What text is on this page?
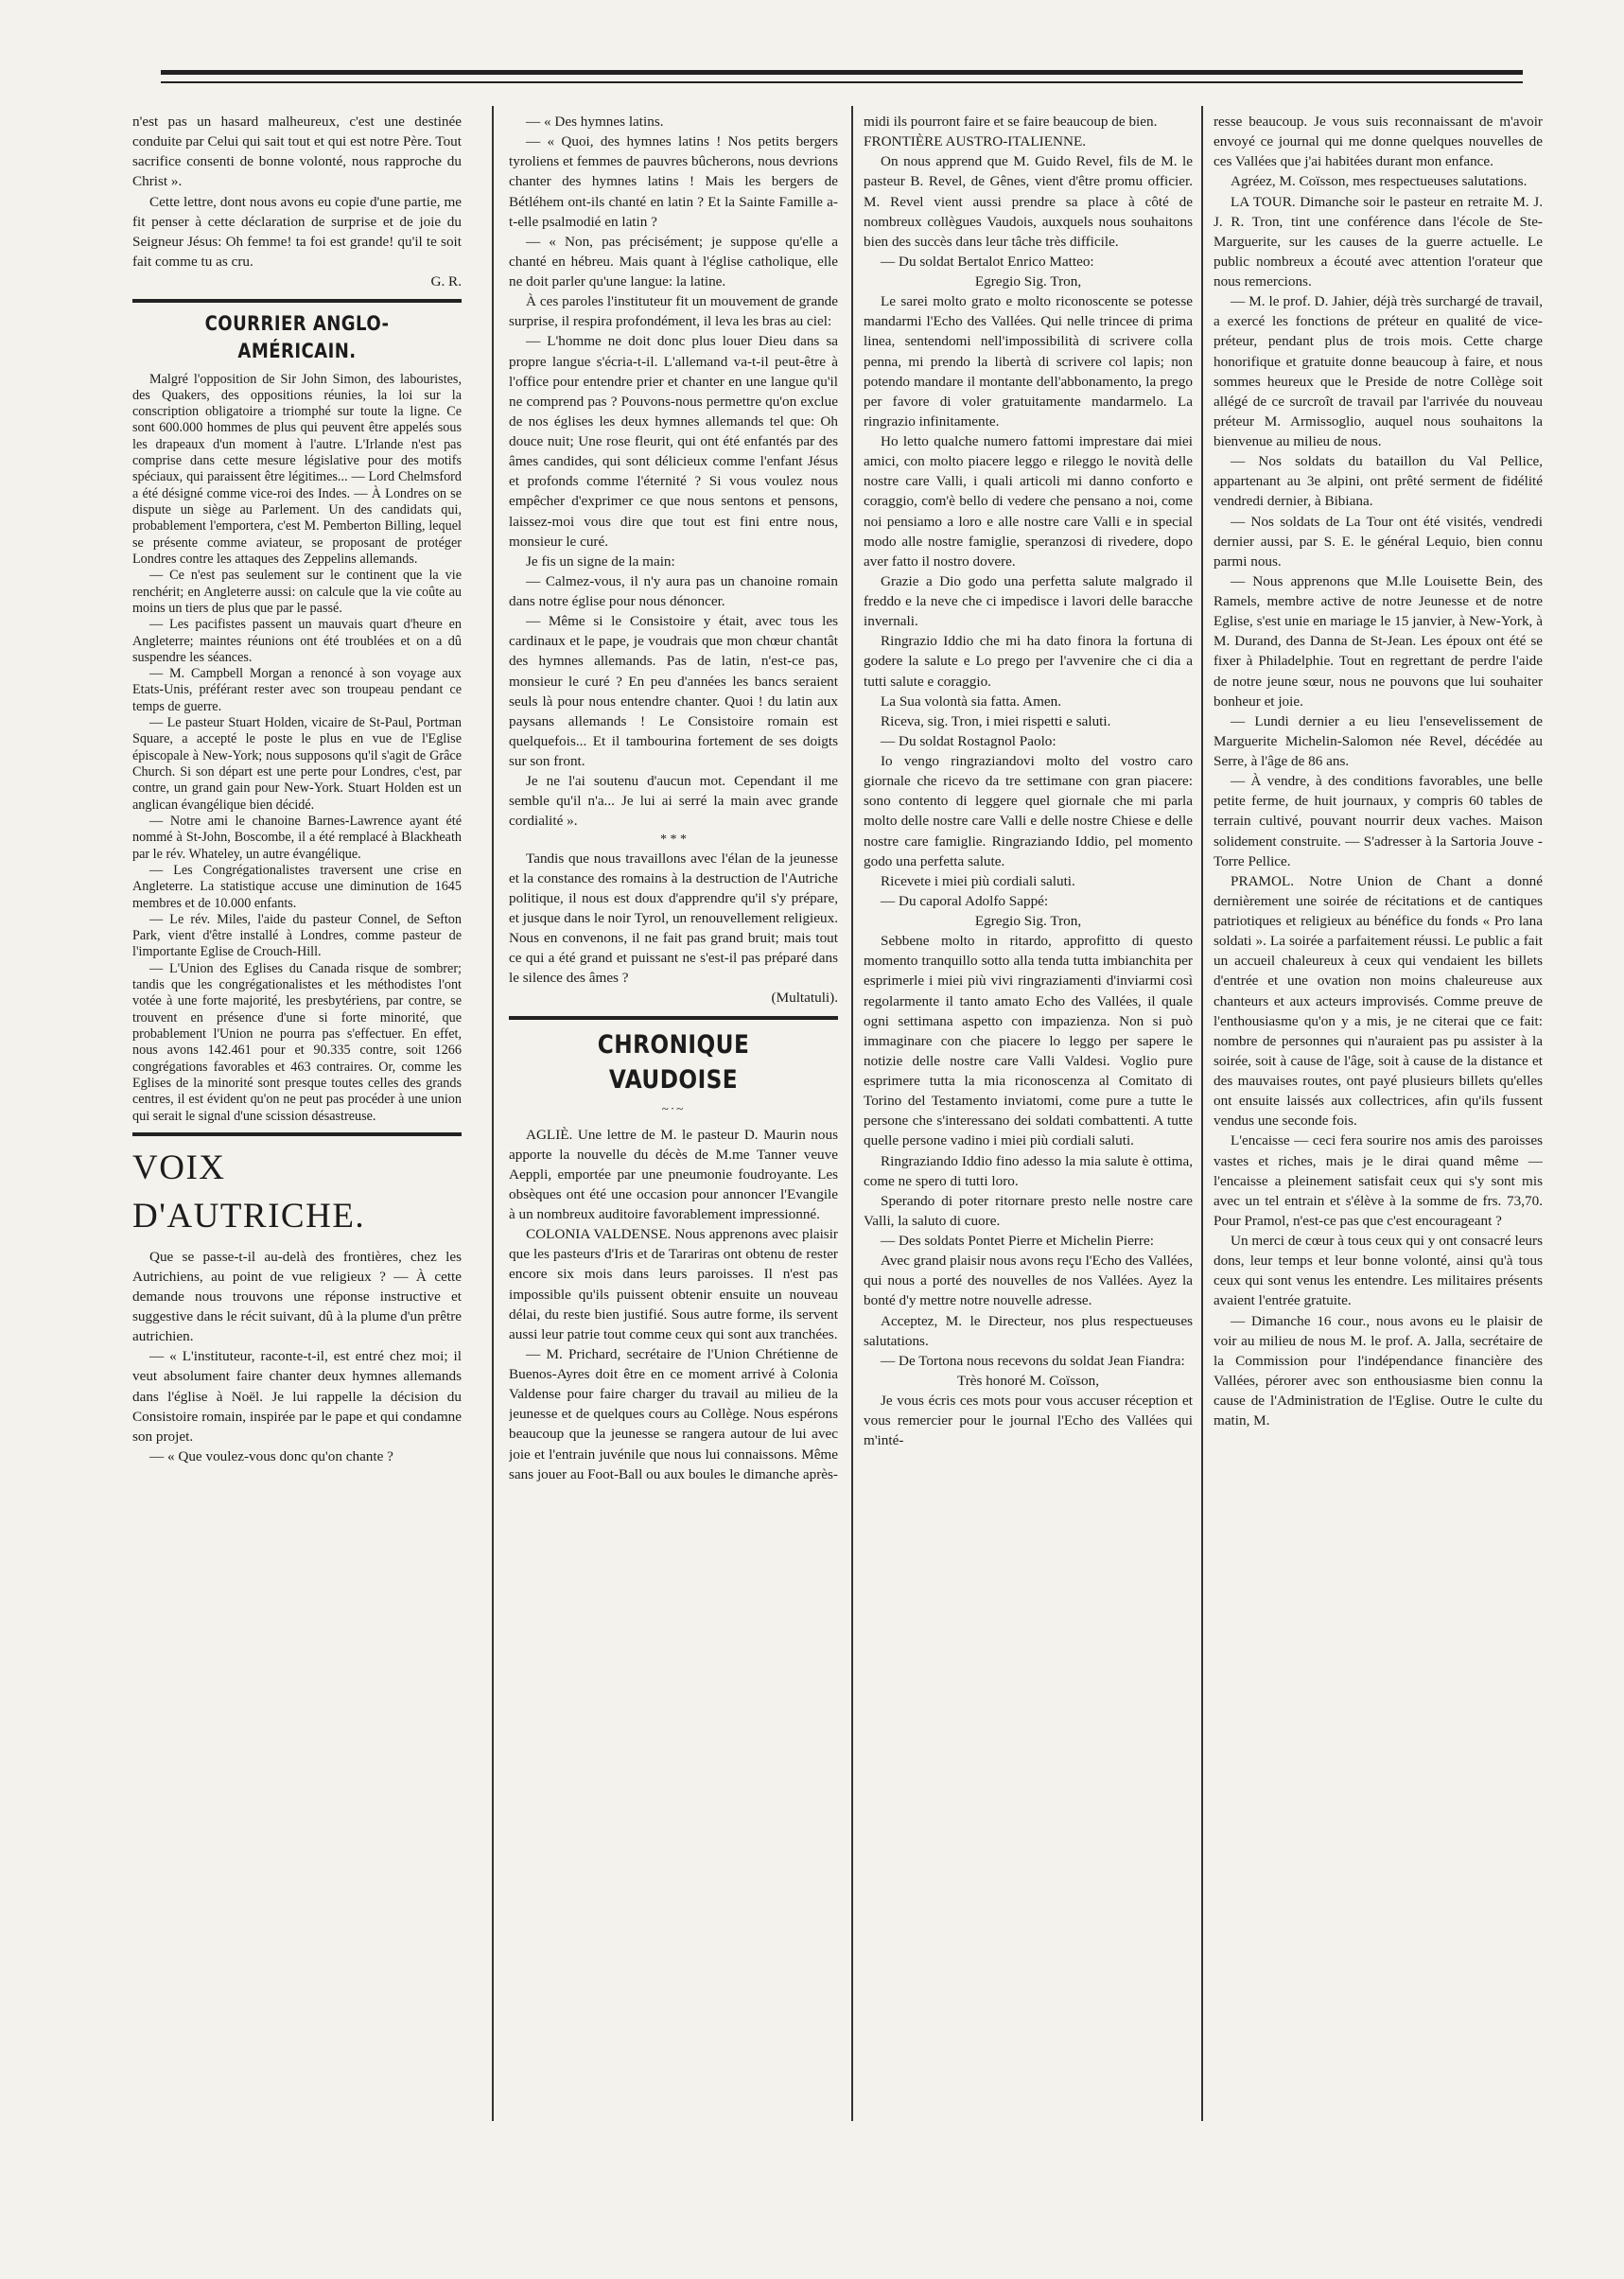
n'est pas un hasard malheureux, c'est une destinée conduite par Celui qui sait tout et qui est notre Père. Tout sacrifice consenti de bonne volonté, nous rapproche du Christ ».

Cette lettre, dont nous avons eu copie d'une partie, me fit penser à cette déclaration de surprise et de joie du Seigneur Jésus: Oh femme! ta foi est grande! qu'il te soit fait comme tu as cru.

G. R.

COURRIER ANGLO-AMÉRICAIN.

Malgré l'opposition de Sir John Simon, des labouristes, des Quakers, des oppositions réunies, la loi sur la conscription obligatoire a triomphé sur toute la ligne. Ce sont 600.000 hommes de plus qui peuvent être appelés sous les drapeaux d'un moment à l'autre. L'Irlande n'est pas comprise dans cette mesure législative pour des motifs spéciaux, qui paraissent être légitimes... — Lord Chelmsford a été désigné comme vice-roi des Indes. — À Londres on se dispute un siège au Parlement. Un des candidats qui, probablement l'emportera, c'est M. Pemberton Billing, lequel se présente comme aviateur, se proposant de protéger Londres contre les attaques des Zeppelins allemands.

— Ce n'est pas seulement sur le continent que la vie renchérit; en Angleterre aussi: on calcule que la vie coûte au moins un tiers de plus que par le passé.

— Les pacifistes passent un mauvais quart d'heure en Angleterre; maintes réunions ont été troublées et on a dû suspendre les séances.

— M. Campbell Morgan a renoncé à son voyage aux Etats-Unis, préférant rester avec son troupeau pendant ce temps de guerre.

— Le pasteur Stuart Holden, vicaire de St-Paul, Portman Square, a accepté le poste le plus en vue de l'Eglise épiscopale à New-York; nous supposons qu'il s'agit de Grâce Church. Si son départ est une perte pour Londres, c'est, par contre, un grand gain pour New-York. Stuart Holden est un anglican évangélique bien décidé.

— Notre ami le chanoine Barnes-Lawrence ayant été nommé à St-John, Boscombe, il a été remplacé à Blackheath par le rév. Whateley, un autre évangélique.

— Les Congrégationalistes traversent une crise en Angleterre. La statistique accuse une diminution de 1645 membres et de 10.000 enfants.

— Le rév. Miles, l'aide du pasteur Connel, de Sefton Park, vient d'être installé à Londres, comme pasteur de l'importante Eglise de Crouch-Hill.

— L'Union des Eglises du Canada risque de sombrer; tandis que les congrégationalistes et les méthodistes l'ont votée à une forte majorité, les presbytériens, par contre, se trouvent en présence d'une si forte minorité, que probablement l'Union ne pourra pas s'effectuer. En effet, nous avons 142.461 pour et 90.335 contre, soit 1266 congrégations favorables et 463 contraires. Or, comme les Eglises de la minorité sont presque toutes celles des grands centres, il est évident qu'on ne peut pas procéder à une union qui serait le signal d'une scission désastreuse.

VOIX D'AUTRICHE.

Que se passe-t-il au-delà des frontières, chez les Autrichiens, au point de vue religieux ? — À cette demande nous trouvons une réponse instructive et suggestive dans le récit suivant, dû à la plume d'un prêtre autrichien.

— « L'instituteur, raconte-t-il, est entré chez moi; il veut absolument faire chanter deux hymnes allemands dans l'église à Noël. Je lui rappelle la décision du Consistoire romain, inspirée par le pape et qui condamne son projet.

— « Que voulez-vous donc qu'on chante ?

— « Des hymnes latins.

— « Quoi, des hymnes latins ! Nos petits bergers tyroliens et femmes de pauvres bûcherons, nous devrions chanter des hymnes latins ! Mais les bergers de Bétléhem ont-ils chanté en latin ? Et la Sainte Famille a-t-elle psalmodié en latin ?

— « Non, pas précisément; je suppose qu'elle a chanté en hébreu. Mais quant à l'église catholique, elle ne doit parler qu'une langue: la latine.

À ces paroles l'instituteur fit un mouvement de grande surprise, il respira profondément, il leva les bras au ciel:

— L'homme ne doit donc plus louer Dieu dans sa propre langue s'écria-t-il. L'allemand va-t-il peut-être à l'office pour entendre prier et chanter en une langue qu'il ne comprend pas ? Pouvons-nous permettre qu'on exclue de nos églises les deux hymnes allemands tel que: Oh douce nuit; Une rose fleurit, qui ont été enfantés par des âmes candides, qui sont délicieux comme l'enfant Jésus et profonds comme l'éternité ? Si vous voulez nous empêcher d'exprimer ce que nous sentons et pensons, laissez-moi vous dire que tout est fini entre nous, monsieur le curé.

Je fis un signe de la main:

— Calmez-vous, il n'y aura pas un chanoine romain dans notre église pour nous dénoncer.

— Même si le Consistoire y était, avec tous les cardinaux et le pape, je voudrais que mon chœur chantât des hymnes allemands. Pas de latin, n'est-ce pas, monsieur le curé ? En peu d'années les bancs seraient seuls là pour nous entendre chanter. Quoi ! du latin aux paysans allemands ! Le Consistoire romain est quelquefois... Et il tambourina fortement de ses doigts sur son front.

Je ne l'ai soutenu d'aucun mot. Cependant il me semble qu'il n'a... Je lui ai serré la main avec grande cordialité ».

* * *

Tandis que nous travaillons avec l'élan de la jeunesse et la constance des romains à la destruction de l'Autriche politique, il nous est doux d'apprendre qu'il s'y prépare, et jusque dans le noir Tyrol, un renouvellement religieux. Nous en convenons, il ne fait pas grand bruit; mais tout ce qui a été grand et puissant ne s'est-il pas préparé dans le silence des âmes ?

(Multatuli).

CHRONIQUE VAUDOISE
~·~

AGLIÈ. Une lettre de M. le pasteur D. Maurin nous apporte la nouvelle du décès de M.me Tanner veuve Aeppli, emportée par une pneumonie foudroyante. Les obsèques ont été une occasion pour annoncer l'Evangile à un nombreux auditoire favorablement impressionné.

COLONIA VALDENSE. Nous apprenons avec plaisir que les pasteurs d'Iris et de Tarariras ont obtenu de rester encore six mois dans leurs paroisses. Il n'est pas impossible qu'ils puissent obtenir ensuite un nouveau délai, du reste bien justifié. Sous autre forme, ils servent aussi leur patrie tout comme ceux qui sont aux tranchées.

— M. Prichard, secrétaire de l'Union Chrétienne de Buenos-Ayres doit être en ce moment arrivé à Colonia Valdense pour faire charger du travail au milieu de la jeunesse et de quelques cours au Collège. Nous espérons beaucoup que la jeunesse se rangera autour de lui avec joie et l'entrain juvénile que nous lui connaissons. Même sans jouer au Foot-Ball ou aux boules le dimanche après-

midi ils pourront faire et se faire beaucoup de bien.

FRONTIÈRE AUSTRO-ITALIENNE.

On nous apprend que M. Guido Revel, fils de M. le pasteur B. Revel, de Gênes, vient d'être promu officier. M. Revel vient aussi prendre sa place à côté de nombreux collègues Vaudois, auxquels nous souhaitons bien des succès dans leur tâche très difficile.

— Du soldat Bertalot Enrico Matteo:

Egregio Sig. Tron,

Le sarei molto grato e molto riconoscente se potesse mandarmi l'Echo des Vallées. Qui nelle trincee di prima linea, sentendomi nell'impossibilità di scrivere colla penna, mi prendo la libertà di scrivere col lapis; non potendo mandare il montante dell'abbonamento, la prego per favore di voler gratuitamente mandarmelo. La ringrazio infinitamente.

Ho letto qualche numero fattomi imprestare dai miei amici, con molto piacere leggo e rileggo le novità delle nostre care Valli, i quali articoli mi danno conforto e coraggio, com'è bello di vedere che pensano a noi, come noi pensiamo a loro e alle nostre care Valli e in special modo alle nostre famiglie, speranzosi di rivedere, dopo aver fatto il nostro dovere.

Grazie a Dio godo una perfetta salute malgrado il freddo e la neve che ci impedisce i lavori delle baracche invernali.

Ringrazio Iddio che mi ha dato finora la fortuna di godere la salute e Lo prego per l'avvenire che ci dia a tutti salute e coraggio.

La Sua volontà sia fatta. Amen.

Riceva, sig. Tron, i miei rispetti e saluti.

— Du soldat Rostagnol Paolo:

Io vengo ringraziandovi molto del vostro caro giornale che ricevo da tre settimane con gran piacere: sono contento di leggere quel giornale che mi parla molto delle nostre care Valli e delle nostre Chiese e delle nostre care famiglie. Ringraziando Iddio, pel momento godo una perfetta salute.

Ricevete i miei più cordiali saluti.

— Du caporal Adolfo Sappé:

Egregio Sig. Tron,

Sebbene molto in ritardo, approfitto di questo momento tranquillo sotto alla tenda tutta imbianchita per esprimerle i miei più vivi ringraziamenti d'inviarmi così regolarmente il tanto amato Echo des Vallées, il quale ogni settimana aspetto con impazienza. Non si può immaginare con che piacere lo leggo per sapere le notizie delle nostre care Valli Valdesi. Voglio pure esprimere tutta la mia riconoscenza al Comitato di Torino del Testamento inviatomi, come pure a tutte le persone che s'interessano dei soldati combattenti. A tutte quelle persone vadino i miei più cordiali saluti.

Ringraziando Iddio fino adesso la mia salute è ottima, come ne spero di tutti loro.

Sperando di poter ritornare presto nelle nostre care Valli, la saluto di cuore.

— Des soldats Pontet Pierre et Michelin Pierre:

Avec grand plaisir nous avons reçu l'Echo des Vallées, qui nous a porté des nouvelles de nos Vallées. Ayez la bonté d'y mettre notre nouvelle adresse.

Acceptez, M. le Directeur, nos plus respectueuses salutations.

— De Tortona nous recevons du soldat Jean Fiandra:

Très honoré M. Coïsson,

Je vous écris ces mots pour vous accuser réception et vous remercier pour le journal l'Echo des Vallées qui m'inté-

resse beaucoup. Je vous suis reconnaissant de m'avoir envoyé ce journal qui me donne quelques nouvelles de ces Vallées que j'ai habitées durant mon enfance.

Agréez, M. Coïsson, mes respectueuses salutations.

LA TOUR. Dimanche soir le pasteur en retraite M. J. J. R. Tron, tint une conférence dans l'école de Ste-Marguerite, sur les causes de la guerre actuelle. Le public nombreux a écouté avec attention l'orateur que nous remercions.

— M. le prof. D. Jahier, déjà très surchargé de travail, a exercé les fonctions de préteur en qualité de vice-préteur, pendant plus de trois mois. Cette charge honorifique et gratuite donne beaucoup à faire, et nous sommes heureux que le Preside de notre Collège soit allégé de ce surcroît de travail par l'arrivée du nouveau préteur M. Armissoglio, auquel nous souhaitons la bienvenue au milieu de nous.

— Nos soldats du bataillon du Val Pellice, appartenant au 3e alpini, ont prêté serment de fidélité vendredi dernier, à Bibiana.

— Nos soldats de La Tour ont été visités, vendredi dernier aussi, par S. E. le général Lequio, bien connu parmi nous.

— Nous apprenons que M.lle Louisette Bein, des Ramels, membre active de notre Jeunesse et de notre Eglise, s'est unie en mariage le 15 janvier, à New-York, à M. Durand, des Danna de St-Jean. Les époux ont été se fixer à Philadelphie. Tout en regrettant de perdre l'aide de notre jeune sœur, nous ne pouvons que lui souhaiter bonheur et joie.

— Lundi dernier a eu lieu l'ensevelissement de Marguerite Michelin-Salomon née Revel, décédée au Serre, à l'âge de 86 ans.

— À vendre, à des conditions favorables, une belle petite ferme, de huit journaux, y compris 60 tables de terrain cultivé, pouvant nourrir deux vaches. Maison solidement construite. — S'adresser à la Sartoria Jouve - Torre Pellice.

PRAMOL. Notre Union de Chant a donné dernièrement une soirée de récitations et de cantiques patriotiques et religieux au bénéfice du fonds « Pro lana soldati ». La soirée a parfaitement réussi. Le public a fait un accueil chaleureux à ceux qui vendaient les billets d'entrée et une ovation non moins chaleureuse aux chanteurs et aux acteurs improvisés. Comme preuve de l'enthousiasme qu'on y a mis, je ne citerai que ce fait: nombre de personnes qui n'auraient pas pu assister à la soirée, soit à cause de l'âge, soit à cause de la distance et des mauvaises routes, ont payé plusieurs billets qu'elles ont ensuite laissés aux collectrices, afin qu'ils fussent vendus une seconde fois.

L'encaisse — ceci fera sourire nos amis des paroisses vastes et riches, mais je le dirai quand même — l'encaisse a pleinement satisfait ceux qui s'y sont mis avec un tel entrain et s'élève à la somme de frs. 73,70. Pour Pramol, n'est-ce pas que c'est encourageant ?

Un merci de cœur à tous ceux qui y ont consacré leurs dons, leur temps et leur bonne volonté, ainsi qu'à tous ceux qui sont venus les entendre. Les militaires présents avaient l'entrée gratuite.

— Dimanche 16 cour., nous avons eu le plaisir de voir au milieu de nous M. le prof. A. Jalla, secrétaire de la Commission pour l'indépendance financière des Vallées, pérorer avec son enthousiasme bien connu la cause de l'Administration de l'Eglise. Outre le culte du matin, M.
